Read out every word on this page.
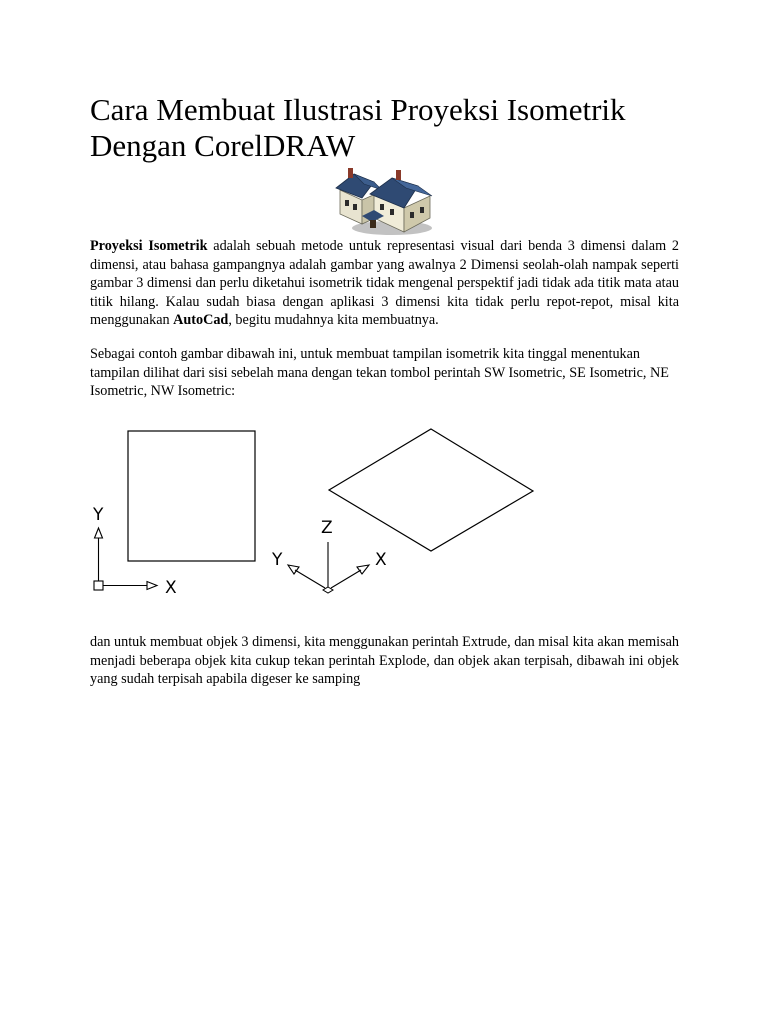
Cara Membuat Ilustrasi Proyeksi Isometrik
Dengan CorelDRAW

Proyeksi Isometrik adalah sebuah metode untuk representasi visual dari benda 3 dimensi dalam 2 dimensi, atau bahasa gampangnya adalah gambar yang awalnya 2 Dimensi seolah-olah nampak seperti gambar 3 dimensi dan perlu diketahui isometrik tidak mengenal perspektif jadi tidak ada titik mata atau titik hilang. Kalau sudah biasa dengan aplikasi 3 dimensi kita tidak perlu repot-repot, misal kita menggunakan AutoCad, begitu mudahnya kita membuatnya.

Sebagai contoh gambar dibawah ini, untuk membuat tampilan isometrik kita tinggal menentukan tampilan dilihat dari sisi sebelah mana dengan tekan tombol perintah SW Isometric, SE Isometric, NE Isometric, NW Isometric:

Y
X
Z
Y	X

dan untuk membuat objek 3 dimensi, kita menggunakan perintah Extrude, dan misal kita akan memisah menjadi beberapa objek kita cukup tekan perintah Explode, dan objek akan terpisah, dibawah ini objek yang sudah terpisah apabila digeser ke samping
